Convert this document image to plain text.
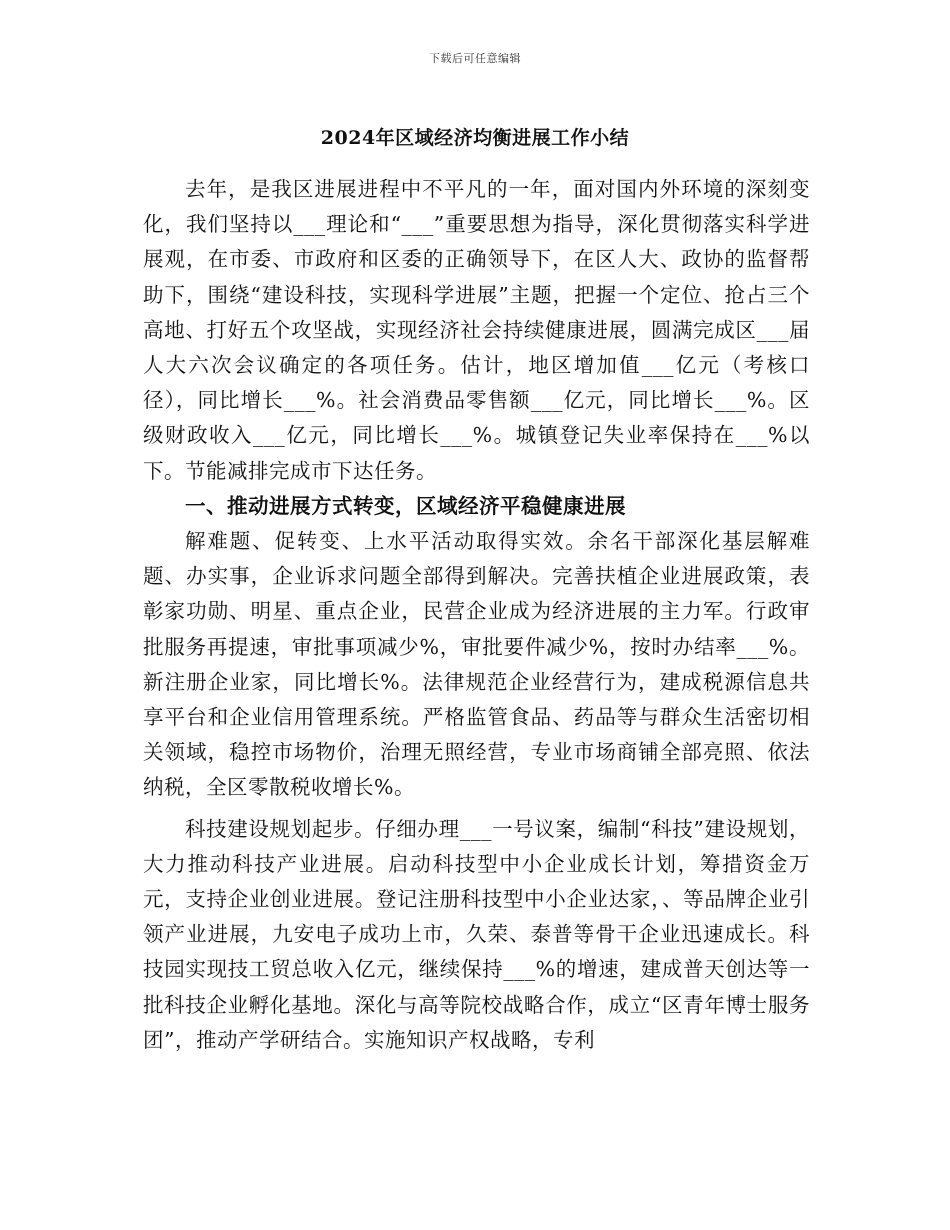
下载后可任意编辑
2024年区域经济均衡进展工作小结

去年，是我区进展进程中不平凡的一年，面对国内外环境的深刻变化，我们坚持以___理论和“___”重要思想为指导，深化贯彻落实科学进展观，在市委、市政府和区委的正确领导下，在区人大、政协的监督帮助下，围绕“建设科技，实现科学进展”主题，把握一个定位、抢占三个高地、打好五个攻坚战，实现经济社会持续健康进展，圆满完成区___届人大六次会议确定的各项任务。估计，地区增加值___亿元（考核口径），同比增长___%。社会消费品零售额___亿元，同比增长___%。区级财政收入___亿元，同比增长___%。城镇登记失业率保持在___%以下。节能减排完成市下达任务。

一、推动进展方式转变，区域经济平稳健康进展

解难题、促转变、上水平活动取得实效。余名干部深化基层解难题、办实事，企业诉求问题全部得到解决。完善扶植企业进展政策，表彰家功勋、明星、重点企业，民营企业成为经济进展的主力军。行政审批服务再提速，审批事项减少%，审批要件减少%，按时办结率___%。新注册企业家，同比增长%。法律规范企业经营行为，建成税源信息共享平台和企业信用管理系统。严格监管食品、药品等与群众生活密切相关领域，稳控市场物价，治理无照经营，专业市场商铺全部亮照、依法纳税，全区零散税收增长%。

科技建设规划起步。仔细办理___一号议案，编制“科技”建设规划，大力推动科技产业进展。启动科技型中小企业成长计划，筹措资金万元，支持企业创业进展。登记注册科技型中小企业达家，、等品牌企业引领产业进展，九安电子成功上市，久荣、泰普等骨干企业迅速成长。科技园实现技工贸总收入亿元，继续保持___%的增速，建成普天创达等一批科技企业孵化基地。深化与高等院校战略合作，成立“区青年博士服务团”，推动产学研结合。实施知识产权战略，专利
